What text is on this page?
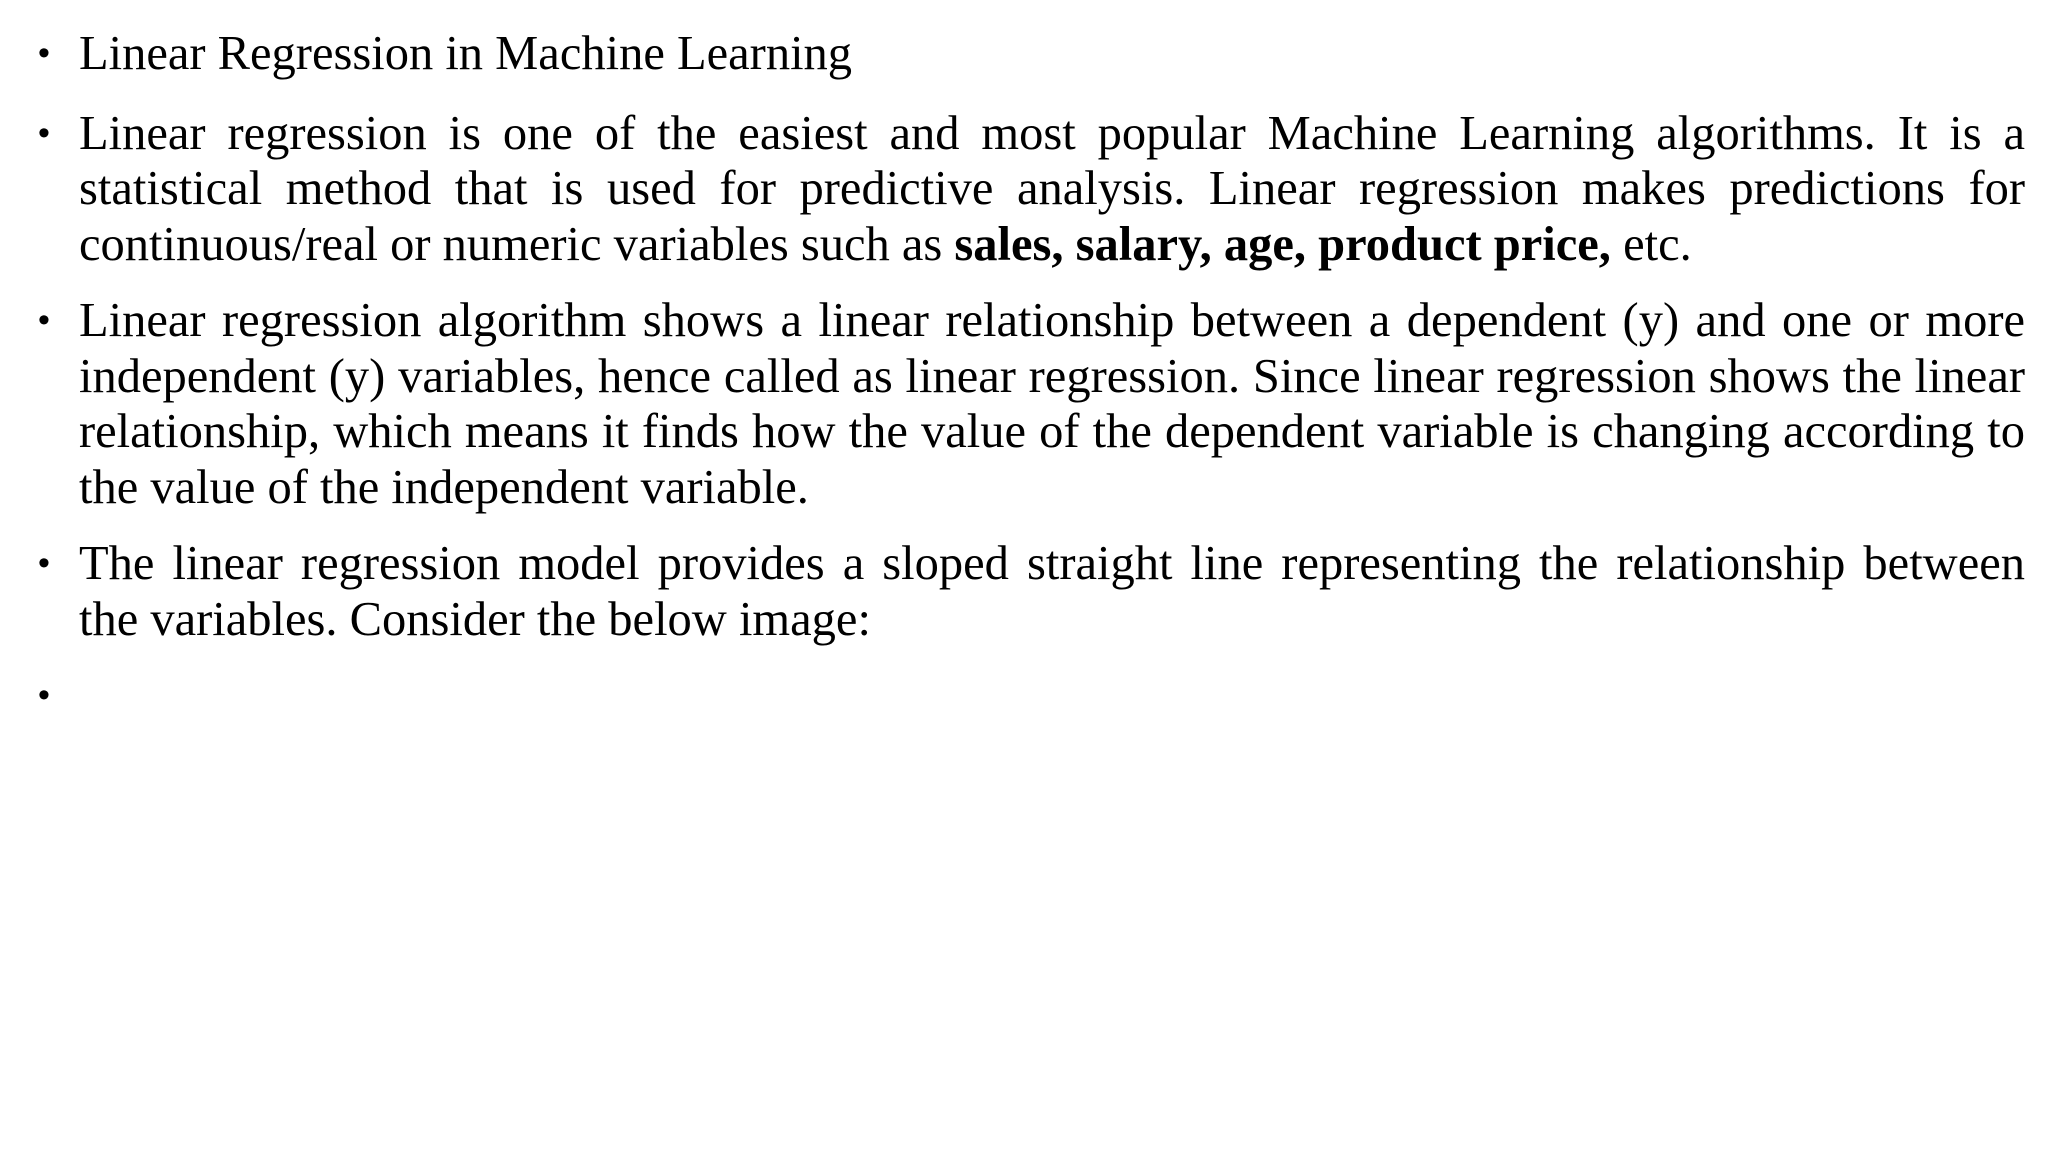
• Linear Regression in Machine Learning
• Linear regression is one of the easiest and most popular Machine Learning algorithms. It is a statistical method that is used for predictive analysis. Linear regression makes predictions for continuous/real or numeric variables such as sales, salary, age, product price, etc.
• Linear regression algorithm shows a linear relationship between a dependent (y) and one or more independent (y) variables, hence called as linear regression. Since linear regression shows the linear relationship, which means it finds how the value of the dependent variable is changing according to the value of the independent variable.
• The linear regression model provides a sloped straight line representing the relationship between the variables. Consider the below image:
•
